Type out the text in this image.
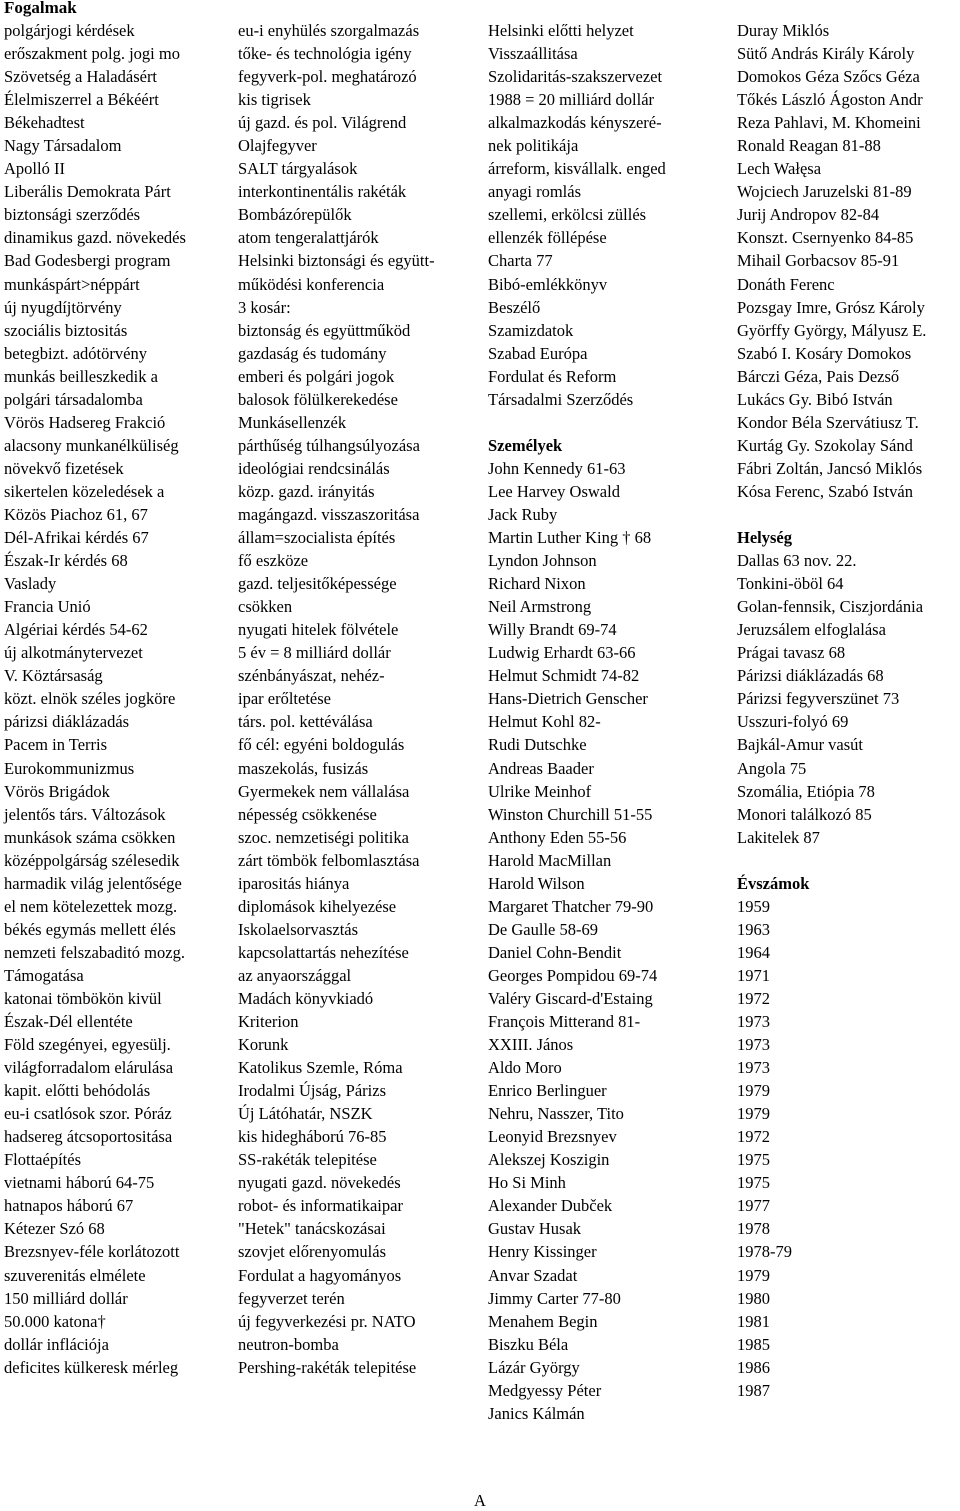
Fogalmak
polgárjogi kérdések
erőszakment polg. jogi mo
Szövetség a Haladásért
Élelmiszerrel a Békéért
Békehadtest
Nagy Társadalom
Apolló II
Liberális Demokrata Párt
biztonsági szerződés
dinamikus gazd. növekedés
Bad Godesbergi program
munkáspárt>néppárt
új nyugdíjtörvény
szociális biztositás
betegbizt. adótörvény
munkás beilleszkedik a
polgári társadalomba
Vörös Hadsereg Frakció
alacsony munkanélküliség
növekvő fizetések
sikertelen közeledések a
Közös Piachoz 61, 67
Dél-Afrikai kérdés 67
Észak-Ir kérdés 68
Vaslady
Francia Unió
Algériai kérdés 54-62
új alkotmánytervezet
V. Köztársaság
közt. elnök széles jogköre
párizsi diáklázadás
Pacem in Terris
Eurokommunizmus
Vörös Brigádok
jelentős társ. Változások
munkások száma csökken
középpolgárság szélesedik
harmadik világ jelentősége
el nem kötelezettek mozg.
békés egymás mellett élés
nemzeti felszabaditó mozg.
Támogatása
katonai tömbökön kivül
Észak-Dél ellentéte
Föld szegényei, egyesülj.
világforradalom elárulása
kapit. előtti behódolás
eu-i csatlósok szor. Póráz
hadsereg átcsoportositása
Flottaépítés
vietnami háború 64-75
hatnapos háború 67
Kétezer Szó 68
Brezsnyev-féle korlátozott
szuverenitás elmélete
150 milliárd dollár
50.000 katona†
dollár inflációja
deficites külkeresk mérleg
eu-i enyhülés szorgalmazás
tőke- és technológia igény
fegyverk-pol. meghatározó
kis tigrisek
új gazd. és pol. Világrend
Olajfegyver
SALT tárgyalások
interkontinentális rakéták
Bombázórepülők
atom tengeralattjárók
Helsinki biztonsági és együtt-
működési konferencia
3 kosár:
biztonság és együttműköd
gazdaság és tudomány
emberi és polgári jogok
balosok fölülkerekedése
Munkásellenzék
párthűség túlhangsúlyozása
ideológiai rendcsinálás
közp. gazd. irányitás
magángazd. visszaszoritása
állam=szocialista építés
fő eszköze
gazd. teljesitőképessége
csökken
nyugati hitelek fölvétele
5 év = 8 milliárd dollár
szénbányászat, nehéz-
ipar erőltetése
társ. pol. kettéválása
fő cél: egyéni boldogulás
maszekolás, fusizás
Gyermekek nem vállalása
népesség csökkenése
szoc. nemzetiségi politika
zárt tömbök felbomlasztása
iparositás hiánya
diplomások kihelyezése
Iskolaelsorvasztás
kapcsolattartás nehezítése
az anyaországgal
Madách könyvkiadó
Kriterion
Korunk
Katolikus Szemle, Róma
Irodalmi Újság, Párizs
Új Látóhatár, NSZK
kis hidegháború 76-85
SS-rakéták telepitése
nyugati gazd. növekedés
robot- és informatikaipar
"Hetek" tanácskozásai
szovjet előrenyomulás
Fordulat a hagyományos
fegyverzet terén
új fegyverkezési pr. NATO
neutron-bomba
Pershing-rakéták telepitése
Helsinki előtti helyzet
Visszaállitása
Szolidaritás-szakszervezet
1988 = 20 milliárd dollár
alkalmazkodás kényszeré-
nek politikája
árreform, kisvállalk. enged
anyagi romlás
szellemi, erkölcsi züllés
ellenzék föllépése
Charta 77
Bibó-emlékkönyv
Beszélő
Szamizdatok
Szabad Európa
Fordulat és Reform
Társadalmi Szerződés
Személyek
John Kennedy 61-63
Lee Harvey Oswald
Jack Ruby
Martin Luther King † 68
Lyndon Johnson
Richard Nixon
Neil Armstrong
Willy Brandt 69-74
Ludwig Erhardt 63-66
Helmut Schmidt 74-82
Hans-Dietrich Genscher
Helmut Kohl 82-
Rudi Dutschke
Andreas Baader
Ulrike Meinhof
Winston Churchill 51-55
Anthony Eden 55-56
Harold MacMillan
Harold Wilson
Margaret Thatcher 79-90
De Gaulle 58-69
Daniel Cohn-Bendit
Georges Pompidou 69-74
Valéry Giscard-d'Estaing
François Mitterand 81-
XXIII. János
Aldo Moro
Enrico Berlinguer
Nehru, Nasszer, Tito
Leonyid Brezsnyev
Alekszej Koszigin
Ho Si Minh
Alexander Dubček
Gustav Husak
Henry Kissinger
Anvar Szadat
Jimmy Carter 77-80
Menahem Begin
Biszku Béla
Lázár György
Medgyessy Péter
Janics Kálmán
Duray Miklós
Sütő András Király Károly
Domokos Géza Szőcs Géza
Tőkés László Ágoston Andr
Reza Pahlavi, M. Khomeini
Ronald Reagan 81-88
Lech Wałęsa
Wojciech Jaruzelski 81-89
Jurij Andropov 82-84
Konszt. Csernyenko 84-85
Mihail Gorbacsov 85-91
Donáth Ferenc
Pozsgay Imre, Grósz Károly
Györffy György, Mályusz E.
Szabó I. Kosáry Domokos
Bárczi Géza, Pais Dezső
Lukács Gy. Bibó István
Kondor Béla Szervátiusz T.
Kurtág Gy. Szokolay Sánd
Fábri Zoltán, Jancsó Miklós
Kósa Ferenc, Szabó István
Helység
Dallas 63 nov. 22.
Tonkini-öböl 64
Golan-fennsik, Ciszjordánia
Jeruzsálem elfoglalása
Prágai tavasz 68
Párizsi diáklázadás 68
Párizsi fegyverszünet 73
Usszuri-folyó 69
Bajkál-Amur vasút
Angola 75
Szomália, Etiópia 78
Monori találkozó 85
Lakitelek 87
Évszámok
1959
1963
1964
1971
1972
1973
1973
1973
1979
1979
1972
1975
1975
1977
1978
1978-79
1979
1980
1981
1985
1986
1987
A
